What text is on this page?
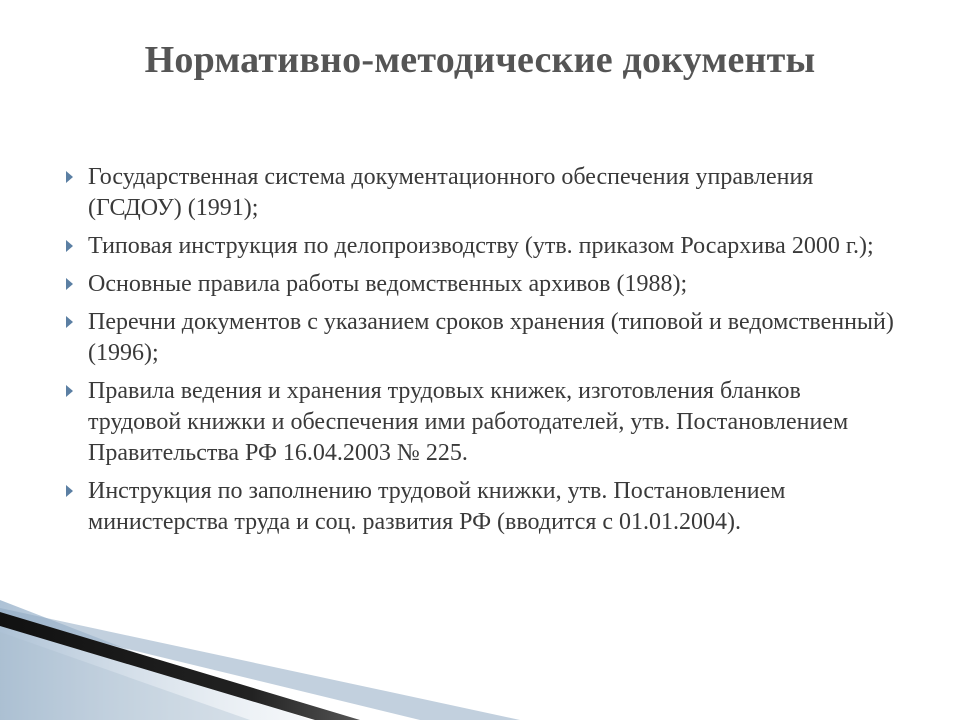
Нормативно-методические документы
Государственная система документационного обеспечения управления (ГСДОУ) (1991);
Типовая инструкция по делопроизводству (утв. приказом Росархива 2000 г.);
Основные правила работы ведомственных архивов (1988);
Перечни документов с указанием сроков хранения (типовой и ведомственный) (1996);
Правила ведения и хранения трудовых книжек, изготовления бланков трудовой книжки и обеспечения ими работодателей, утв. Постановлением Правительства РФ 16.04.2003 № 225.
Инструкция по заполнению трудовой книжки, утв. Постановлением министерства труда и соц. развития РФ (вводится с 01.01.2004).
